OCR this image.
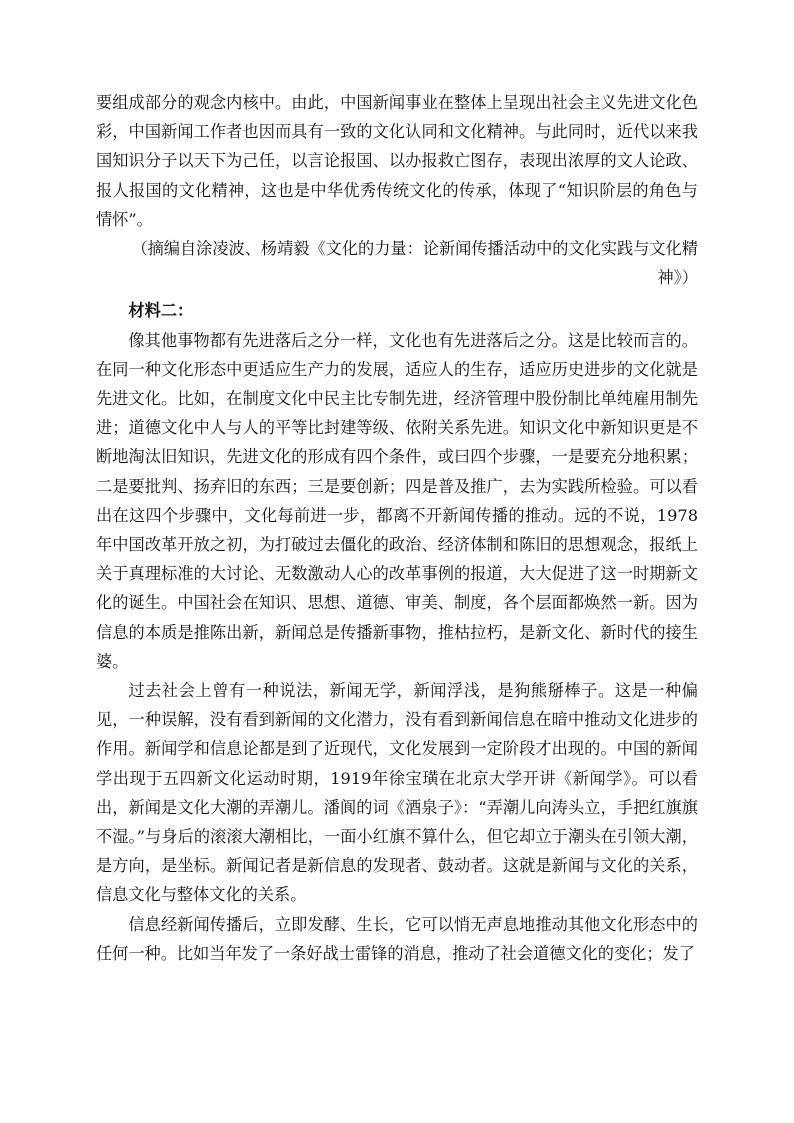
要组成部分的观念内核中。由此，中国新闻事业在整体上呈现出社会主义先进文化色彩，中国新闻工作者也因而具有一致的文化认同和文化精神。与此同时，近代以来我国知识分子以天下为己任，以言论报国、以办报救亡图存，表现出浓厚的文人论政、报人报国的文化精神，这也是中华优秀传统文化的传承，体现了“知识阶层的角色与情怀”。

（摘编自涂凌波、杨靖毅《文化的力量：论新闻传播活动中的文化实践与文化精神》）

材料二：

像其他事物都有先进落后之分一样，文化也有先进落后之分。这是比较而言的。在同一种文化形态中更适应生产力的发展，适应人的生存，适应历史进步的文化就是先进文化。比如，在制度文化中民主比专制先进，经济管理中股份制比单纯雇用制先进；道德文化中人与人的平等比封建等级、依附关系先进。知识文化中新知识更是不断地淘汰旧知识，先进文化的形成有四个条件，或曰四个步骤，一是要充分地积累；二是要批判、扬弃旧的东西；三是要创新；四是普及推广，去为实践所检验。可以看出在这四个步骤中，文化每前进一步，都离不开新闻传播的推动。远的不说，1978年中国改革开放之初，为打破过去僵化的政治、经济体制和陈旧的思想观念，报纸上关于真理标准的大讨论、无数激动人心的改革事例的报道，大大促进了这一时期新文化的诞生。中国社会在知识、思想、道德、审美、制度，各个层面都焕然一新。因为信息的本质是推陈出新，新闻总是传播新事物，推枯拉朽，是新文化、新时代的接生婆。

过去社会上曾有一种说法，新闻无学，新闻浮浅，是狗熊掰棒子。这是一种偏见，一种误解，没有看到新闻的文化潜力，没有看到新闻信息在暗中推动文化进步的作用。新闻学和信息论都是到了近现代，文化发展到一定阶段才出现的。中国的新闻学出现于五四新文化运动时期，1919年徐宝璜在北京大学开讲《新闻学》。可以看出，新闻是文化大潮的弄潮儿。潘阆的词《酒泉子》：“弄潮儿向涛头立，手把红旗旗不湿。”与身后的滚滚大潮相比，一面小红旗不算什么，但它却立于潮头在引领大潮，是方向，是坐标。新闻记者是新信息的发现者、鼓动者。这就是新闻与文化的关系，信息文化与整体文化的关系。

信息经新闻传播后，立即发酵、生长，它可以悄无声息地推动其他文化形态中的任何一种。比如当年发了一条好战士雷锋的消息，推动了社会道德文化的变化；发了
